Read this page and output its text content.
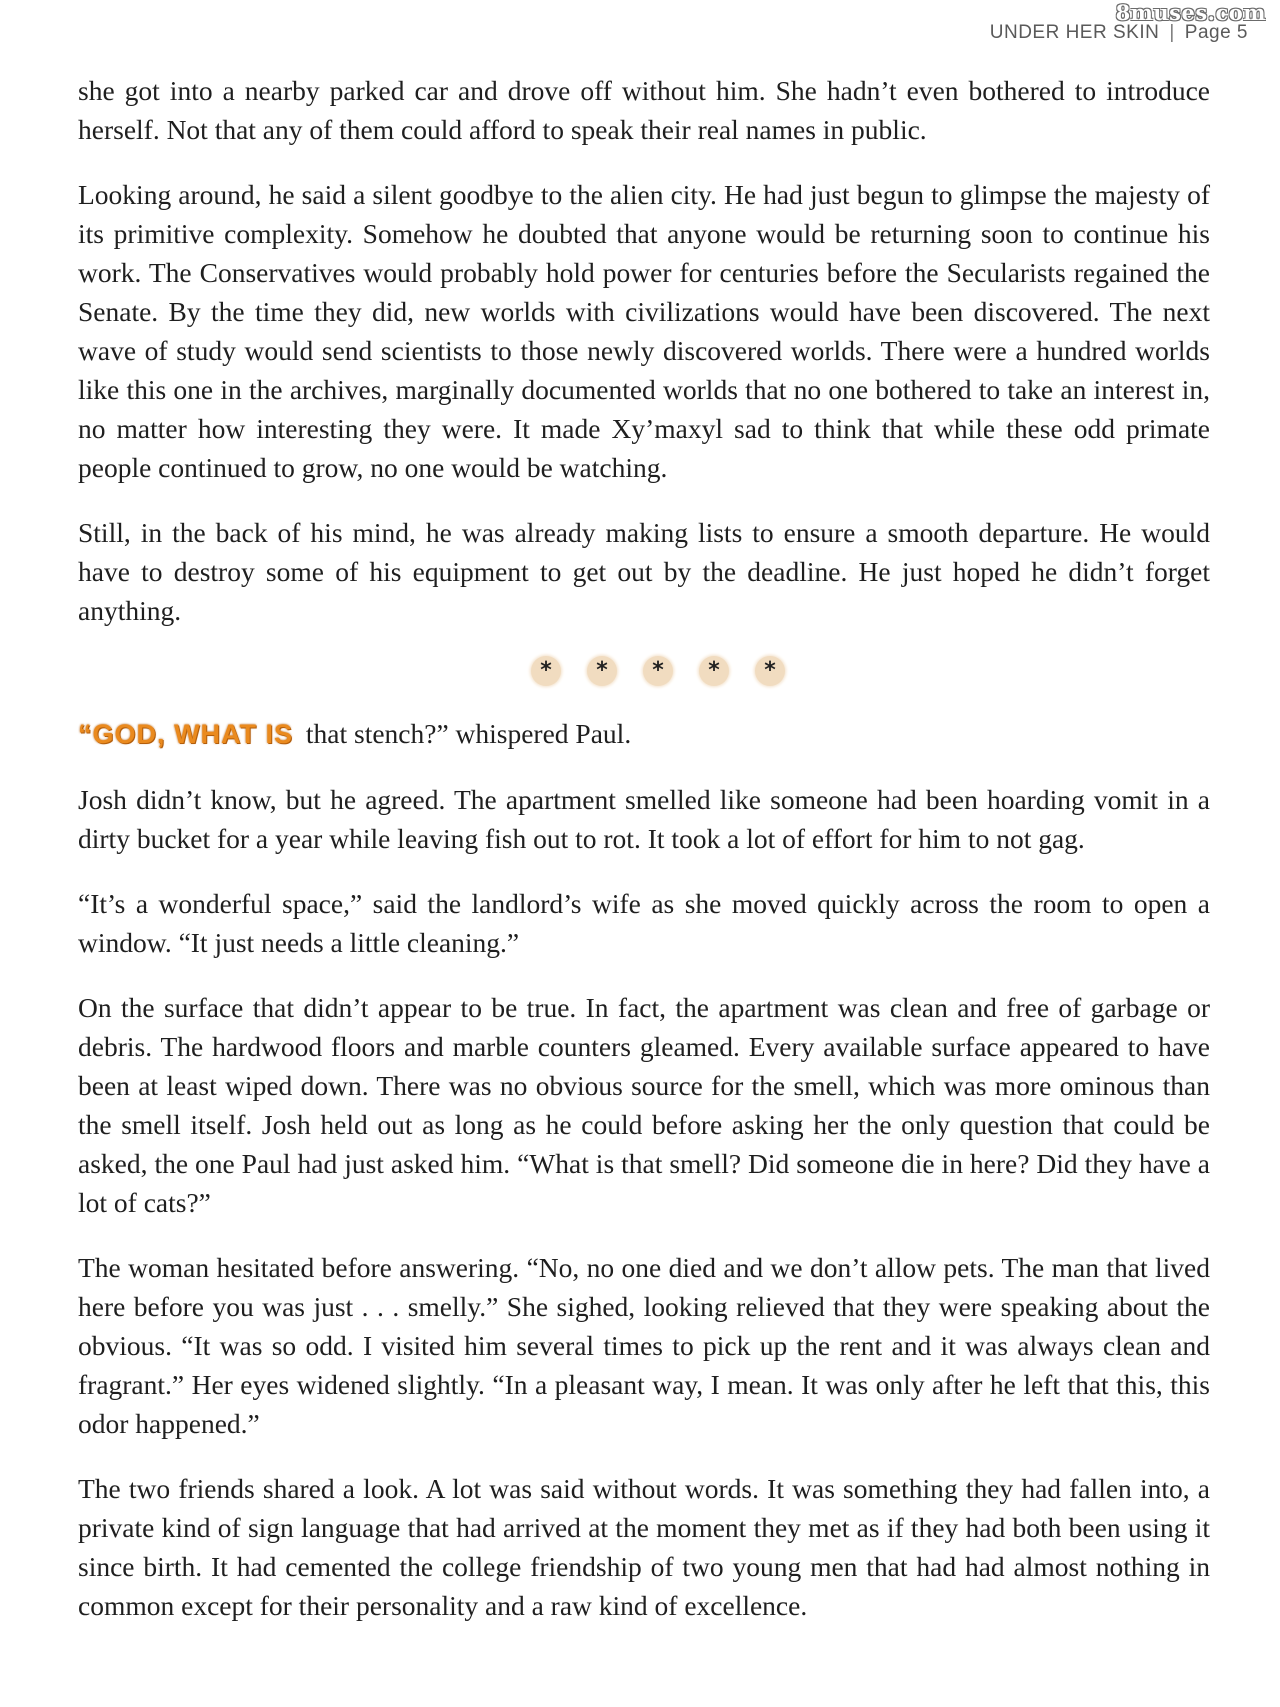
8muses.com
UNDER HER SKIN | Page 5

she got into a nearby parked car and drove off without him. She hadn’t even bothered to introduce herself. Not that any of them could afford to speak their real names in public.

Looking around, he said a silent goodbye to the alien city. He had just begun to glimpse the majesty of its primitive complexity. Somehow he doubted that anyone would be returning soon to continue his work. The Conservatives would probably hold power for centuries before the Secularists regained the Senate. By the time they did, new worlds with civilizations would have been discovered. The next wave of study would send scientists to those newly discovered worlds. There were a hundred worlds like this one in the archives, marginally documented worlds that no one bothered to take an interest in, no matter how interesting they were. It made Xy’maxyl sad to think that while these odd primate people continued to grow, no one would be watching.

Still, in the back of his mind, he was already making lists to ensure a smooth departure. He would have to destroy some of his equipment to get out by the deadline. He just hoped he didn’t forget anything.

*	*	*	*	*

“GOD, WHAT IS that stench?” whispered Paul.

Josh didn’t know, but he agreed. The apartment smelled like someone had been hoarding vomit in a dirty bucket for a year while leaving fish out to rot. It took a lot of effort for him to not gag.

“It’s a wonderful space,” said the landlord’s wife as she moved quickly across the room to open a window. “It just needs a little cleaning.”

On the surface that didn’t appear to be true. In fact, the apartment was clean and free of garbage or debris. The hardwood floors and marble counters gleamed. Every available surface appeared to have been at least wiped down. There was no obvious source for the smell, which was more ominous than the smell itself. Josh held out as long as he could before asking her the only question that could be asked, the one Paul had just asked him. “What is that smell? Did someone die in here? Did they have a lot of cats?”

The woman hesitated before answering. “No, no one died and we don’t allow pets. The man that lived here before you was just . . . smelly.” She sighed, looking relieved that they were speaking about the obvious. “It was so odd. I visited him several times to pick up the rent and it was always clean and fragrant.” Her eyes widened slightly. “In a pleasant way, I mean. It was only after he left that this, this odor happened.”

The two friends shared a look. A lot was said without words. It was something they had fallen into, a private kind of sign language that had arrived at the moment they met as if they had both been using it since birth. It had cemented the college friendship of two young men that had had almost nothing in common except for their personality and a raw kind of excellence.
